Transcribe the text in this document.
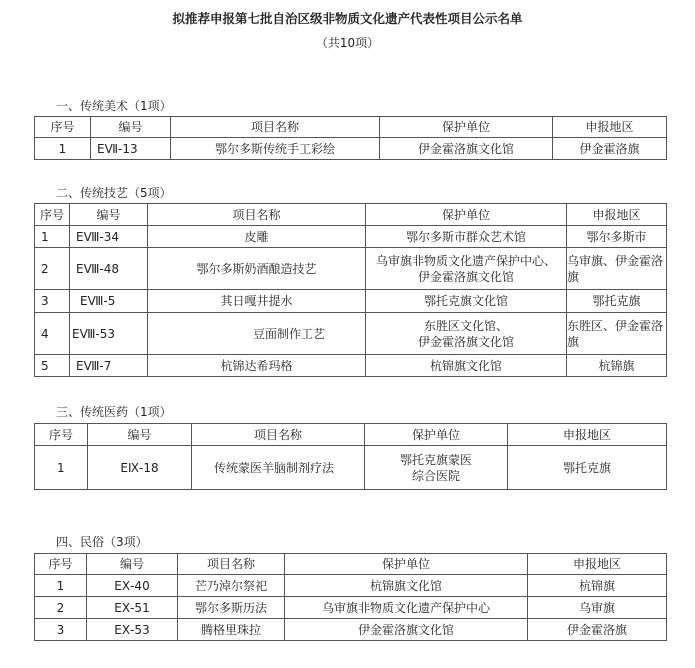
拟推荐申报第七批自治区级非物质文化遗产代表性项目公示名单
（共10项）
一、传统美术（1项）
序号	编号	项目名称	保护单位	申报地区
1	EⅦ-13	鄂尔多斯传统手工彩绘	伊金霍洛旗文化馆	伊金霍洛旗
二、传统技艺（5项）
序号	编号	项目名称	保护单位	申报地区
1	EⅧ-34	皮雕	鄂尔多斯市群众艺术馆	鄂尔多斯市
2	EⅧ-48	鄂尔多斯奶酒酿造技艺	乌审旗非物质文化遗产保护中心、
伊金霍洛旗文化馆	乌审旗、伊金霍洛旗
3	EⅧ-5	其日嘎井提水	鄂托克旗文化馆	鄂托克旗
4	EⅧ-53	豆面制作工艺	东胜区文化馆、
伊金霍洛旗文化馆	东胜区、伊金霍洛旗
5	EⅧ-7	杭锦达希玛格	杭锦旗文化馆	杭锦旗
三、传统医药（1项）
序号	编号	项目名称	保护单位	申报地区
1	EⅨ-18	传统蒙医羊脑制剂疗法	鄂托克旗蒙医
综合医院	鄂托克旗
四、民俗（3项）
序号	编号	项目名称	保护单位	申报地区
1	EⅩ-40	芒乃淖尔祭祀	杭锦旗文化馆	杭锦旗
2	EⅩ-51	鄂尔多斯历法	乌审旗非物质文化遗产保护中心	乌审旗
3	EⅩ-53	腾格里珠拉	伊金霍洛旗文化馆	伊金霍洛旗
